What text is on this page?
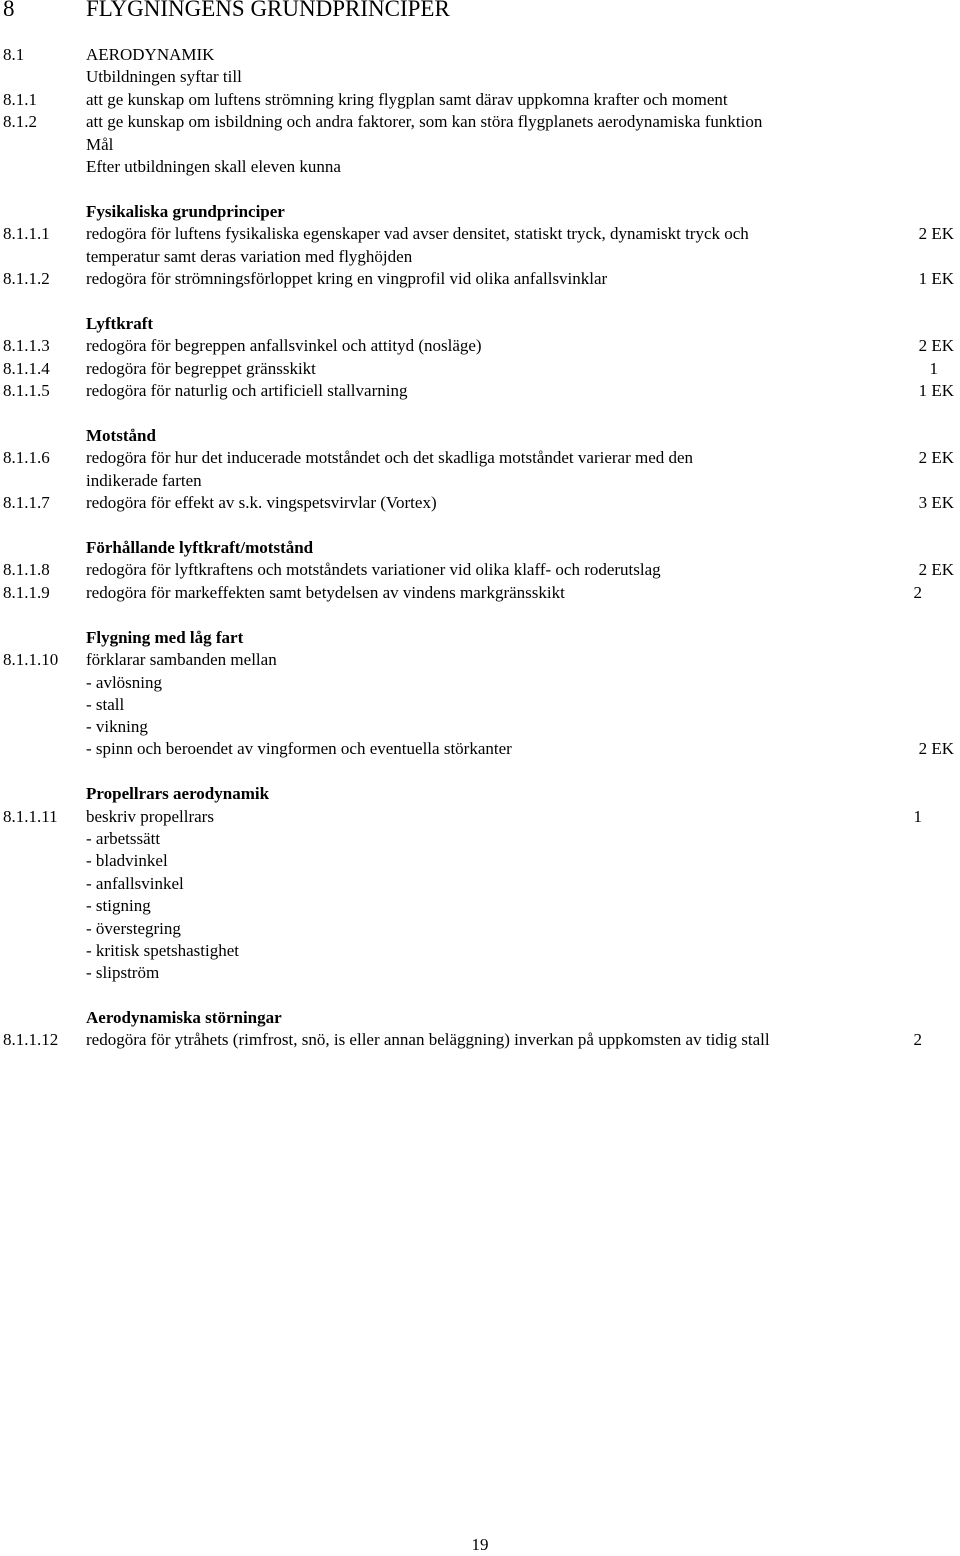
8	FLYGNINGENS GRUNDPRINCIPER
8.1	AERODYNAMIK
Utbildningen syftar till
8.1.1	att ge kunskap om luftens strömning kring flygplan samt därav uppkomna krafter och moment
8.1.2	att ge kunskap om isbildning och andra faktorer, som kan störa flygplanets aerodynamiska funktion
Mål
Efter utbildningen skall eleven kunna
Fysikaliska grundprinciper
8.1.1.1 redogöra för luftens fysikaliska egenskaper vad avser densitet, statiskt tryck, dynamiskt tryck och	2 EK
temperatur samt deras variation med flyghöjden
8.1.1.2 redogöra för strömningsförloppet kring en vingprofil vid olika anfallsvinklar	1 EK
Lyftkraft
8.1.1.3 redogöra för begreppen anfallsvinkel och attityd (nosläge)	2 EK
8.1.1.4 redogöra för begreppet gränsskikt	1
8.1.1.5 redogöra för naturlig och artificiell stallvarning	1 EK
Motstånd
8.1.1.6 redogöra för hur det inducerade motståndet och det skadliga motståndet varierar med den	2 EK
indikerade farten
8.1.1.7 redogöra för effekt av s.k. vingspetsvirvlar (Vortex)	3 EK
Förhållande lyftkraft/motstånd
8.1.1.8 redogöra för lyftkraftens och motståndets variationer vid olika klaff- och roderutslag	2 EK
8.1.1.9 redogöra för markeffekten samt betydelsen av vindens markgränsskikt	2
Flygning med låg fart
8.1.1.10 förklarar sambanden mellan
- avlösning
- stall
- vikning
- spinn och beroendet av vingformen och eventuella störkanter	2 EK
Propellrars aerodynamik
8.1.1.11 beskriv propellrars	1
- arbetssätt
- bladvinkel
- anfallsvinkel
- stigning
- överstegring
- kritisk spetshastighet
- slipström
Aerodynamiska störningar
8.1.1.12 redogöra för ytråhets (rimfrost, snö, is eller annan beläggning) inverkan på uppkomsten av tidig stall	2
19
